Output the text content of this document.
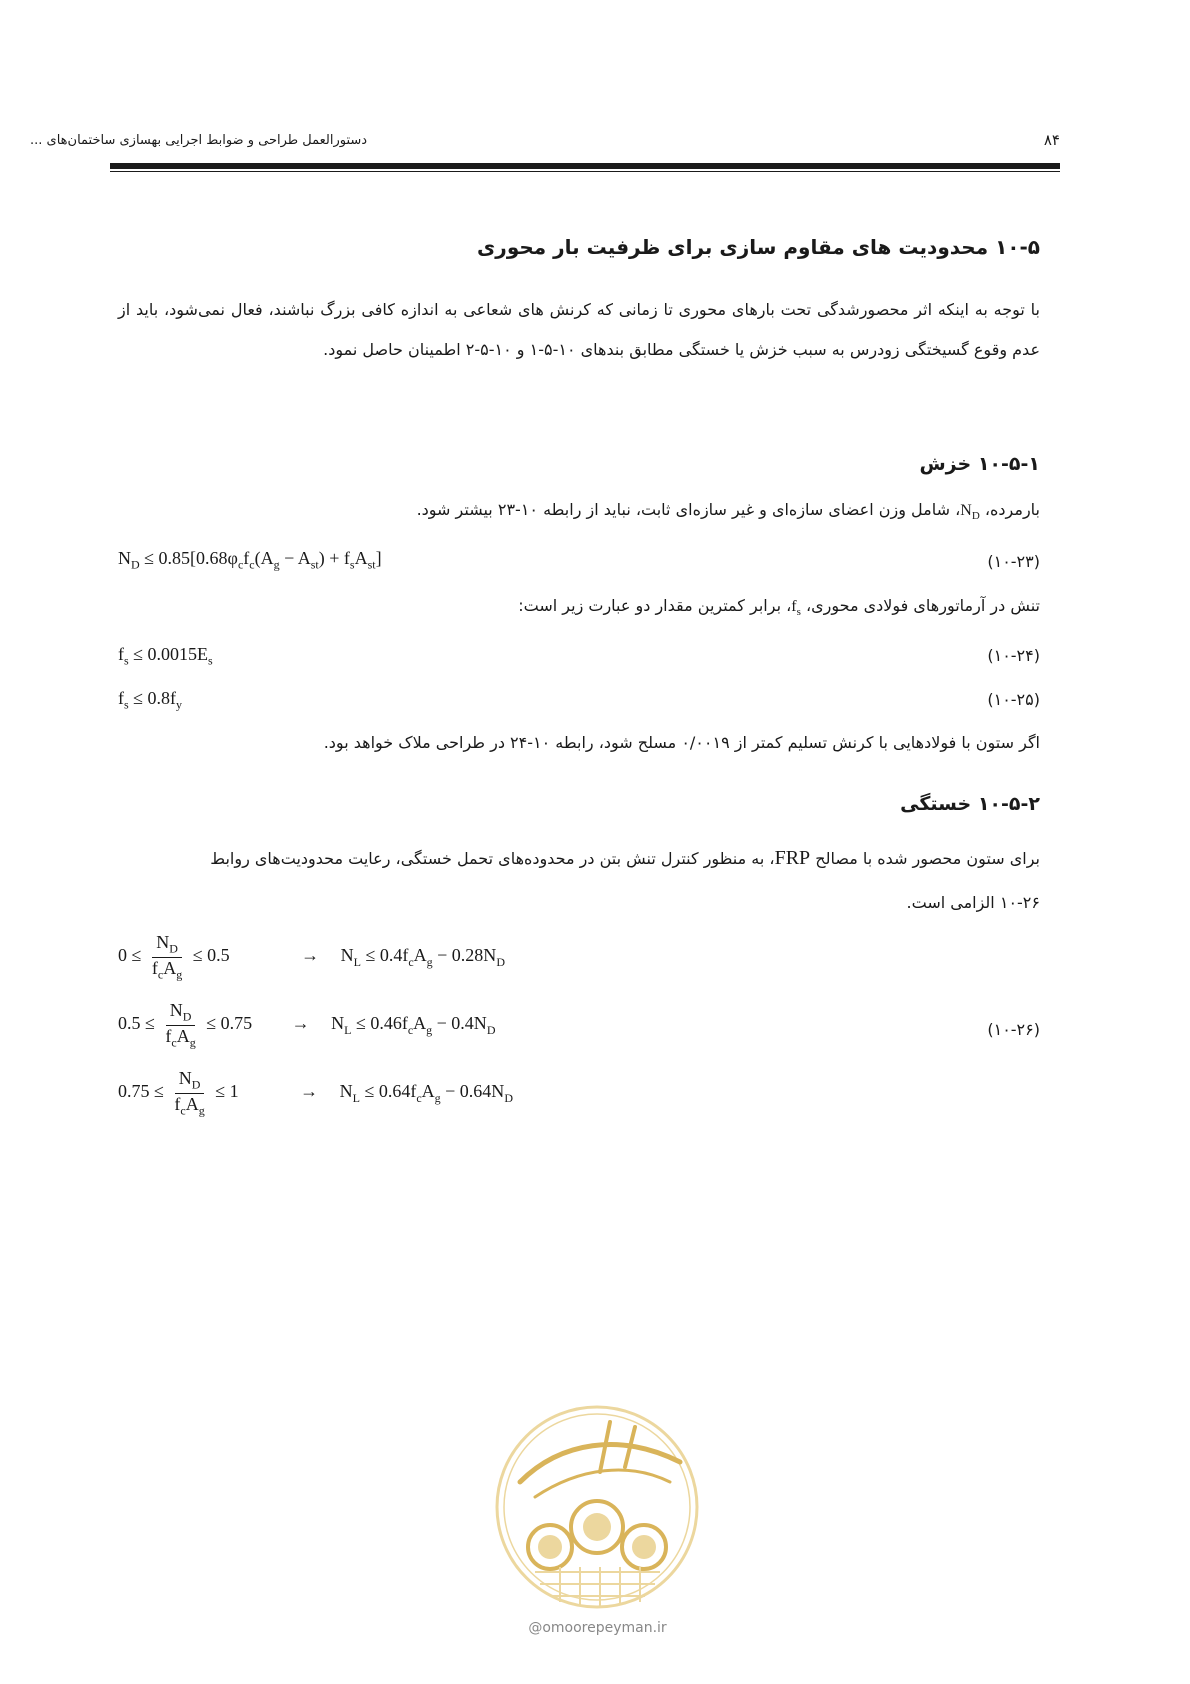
دستورالعمل طراحی و ضوابط اجرایی بهسازی ساختمان‌های ...	۸۴
۱۰-۵ محدودیت های مقاوم سازی برای ظرفیت بار محوری
با توجه به اینکه اثر محصورشدگی تحت بارهای محوری تا زمانی که کرنش های شعاعی به اندازه کافی بزرگ نباشند، فعال نمی‌شود، باید از عدم وقوع گسیختگی زودرس به سبب خزش یا خستگی مطابق بندهای ۱۰-۵-۱ و ۱۰-۵-۲ اطمینان حاصل نمود.
۱۰-۵-۱ خزش
بارمرده، $N_D،$ شامل وزن اعضای سازه‌ای و غیر سازه‌ای ثابت، نباید از رابطه ۱۰-۲۳ بیشتر شود.
$N_D \le 0.85[0.68\varphi_cf_c(A_g - A_{st}) + f_sA_{st}]$	(۱۰-۲۳)
تنش در آرماتورهای فولادی محوری، $f_s،$ برابر کمترین مقدار دو عبارت زیر است:
$f_s \le 0.0015E_s$	(۱۰-۲۴)
$f_s \le 0.8f_y$	(۱۰-۲۵)
اگر ستون با فولادهایی با کرنش تسلیم کمتر از ۰/۰۰۱۹ مسلح شود، رابطه ۱۰-۲۴ در طراحی ملاک خواهد بود.
۱۰-۵-۲ خستگی
برای ستون محصور شده با مصالح FRP، به منظور کنترل تنش بتن در محدوده‌های تحمل خستگی، رعایت محدودیت‌های روابط
۱۰-۲۶ الزامی است.
$0 \le \frac{N_D}{f_cA_g} \le 0.5$	→ $N_L \le 0.4f_cA_g - 0.28N_D$
$0.5 \le \frac{N_D}{f_cA_g} \le 0.75 \to N_L \le 0.46f_cA_g - 0.4N_D$	(۱۰-۲۶)
$0.75 \le \frac{N_D}{f_cA_g} \le 1$	→ $N_L \le 0.64f_cA_g - 0.64N_D$
@omoorepeyman.ir
